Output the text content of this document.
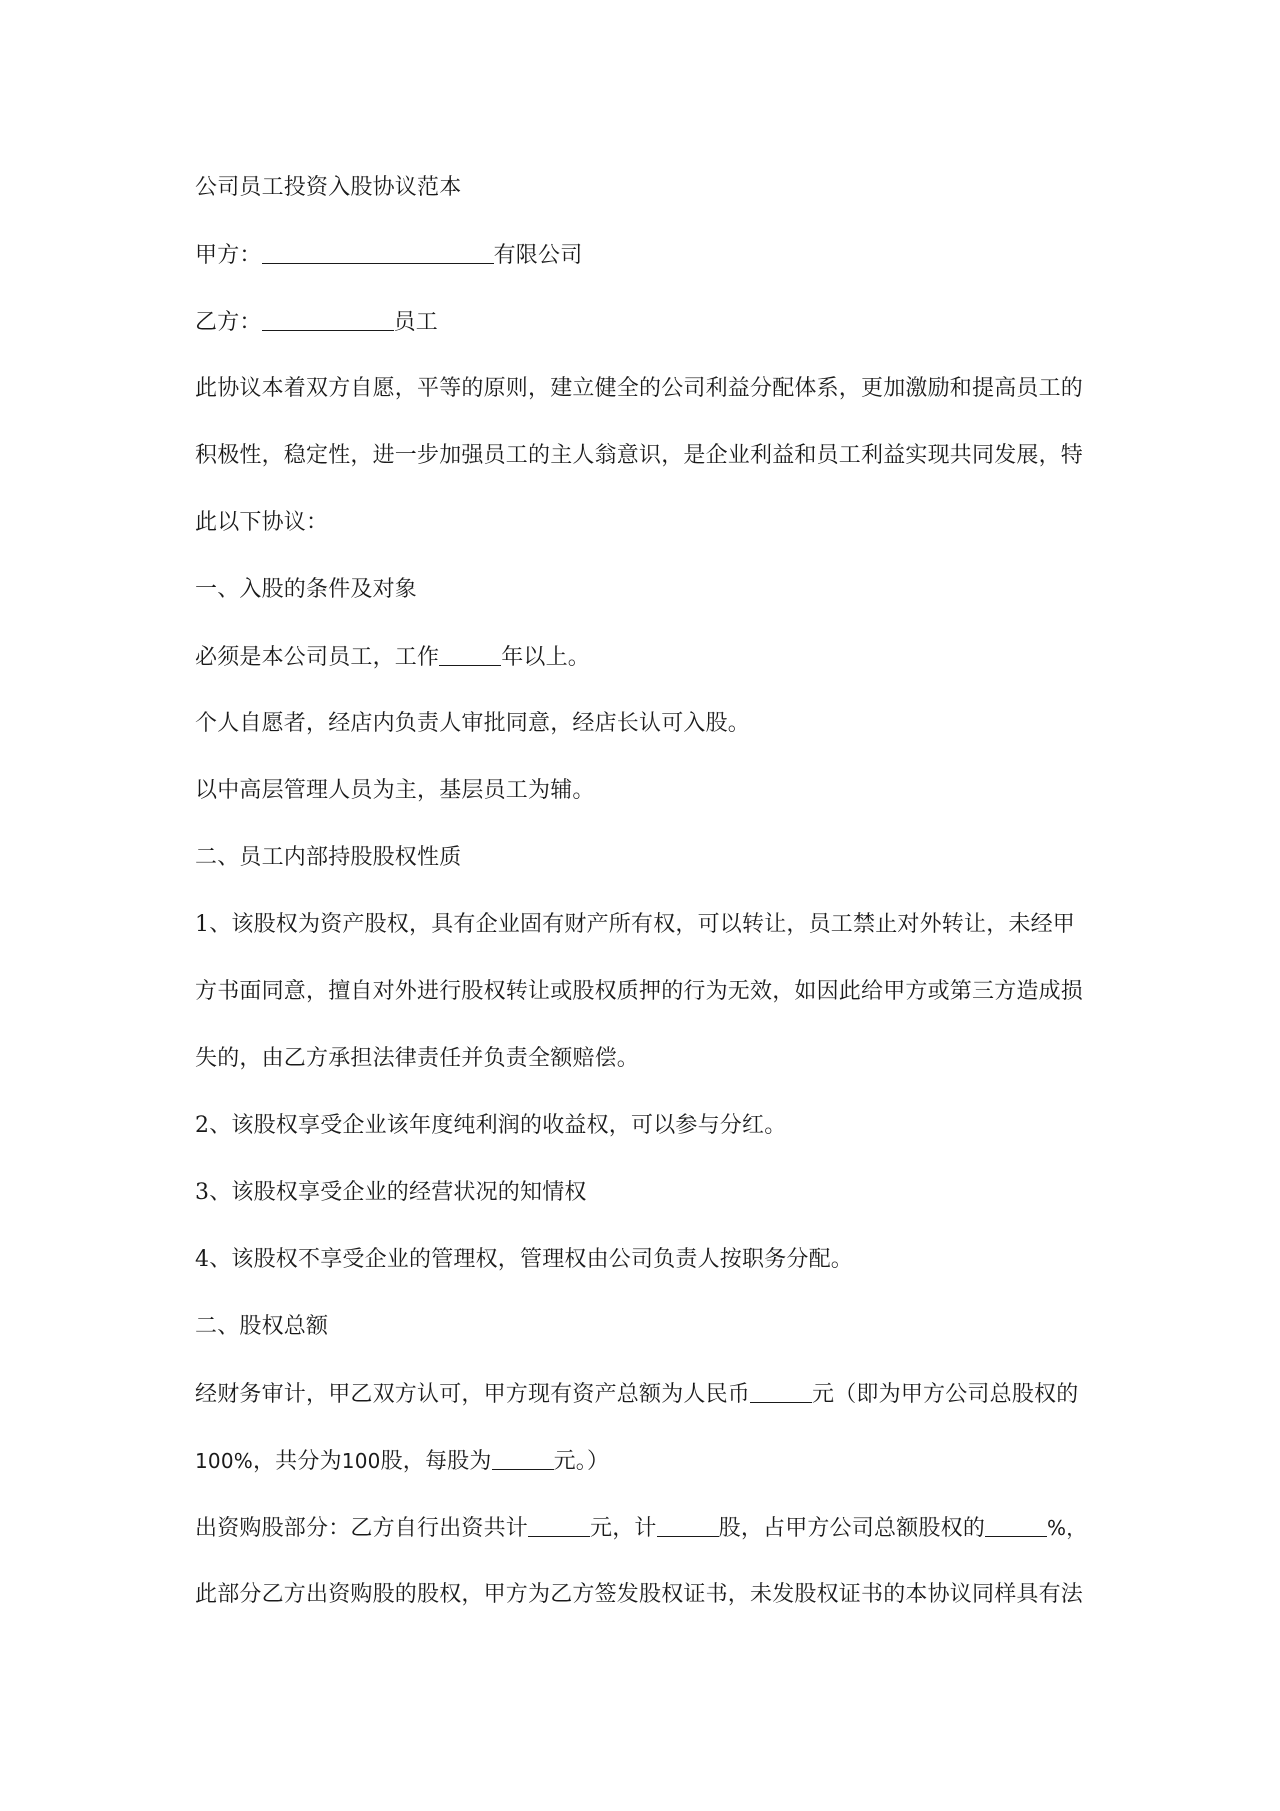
公司员工投资入股协议范本
甲方：	有限公司
乙方：	员工
此协议本着双方自愿，平等的原则，建立健全的公司利益分配体系，更加激励和提高员工的
积极性，稳定性，进一步加强员工的主人翁意识，是企业利益和员工利益实现共同发展，特
此以下协议：
一、入股的条件及对象
必须是本公司员工，工作	年以上。
个人自愿者，经店内负责人审批同意，经店长认可入股。
以中高层管理人员为主，基层员工为辅。
二、员工内部持股股权性质
1、该股权为资产股权，具有企业固有财产所有权，可以转让，员工禁止对外转让，未经甲
方书面同意，擅自对外进行股权转让或股权质押的行为无效，如因此给甲方或第三方造成损
失的，由乙方承担法律责任并负责全额赔偿。
2、该股权享受企业该年度纯利润的收益权，可以参与分红。
3、该股权享受企业的经营状况的知情权
4、该股权不享受企业的管理权，管理权由公司负责人按职务分配。
二、股权总额
经财务审计，甲乙双方认可，甲方现有资产总额为人民币	元（即为甲方公司总股权的
100%，共分为100股，每股为	元。）
出资购股部分：乙方自行出资共计	元，计	股，占甲方公司总额股权的	%，
此部分乙方出资购股的股权，甲方为乙方签发股权证书，未发股权证书的本协议同样具有法
